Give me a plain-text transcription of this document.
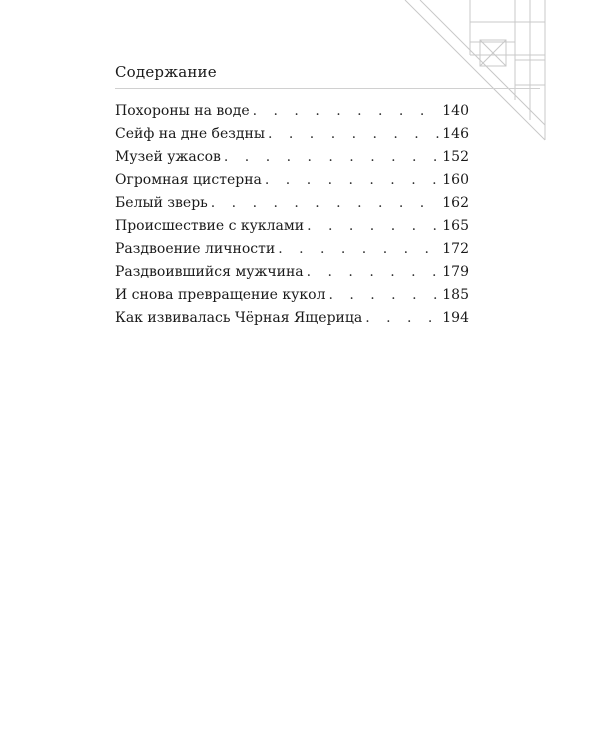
Содержание
Похороны на воде . . .	140
Сейф на дне бездны . . .	146
Музей ужасов . . .	152
Огромная цистерна . . .	160
Белый зверь . . .	162
Происшествие с куклами . . .	165
Раздвоение личности . . .	172
Раздвоившийся мужчина . . .	179
И снова превращение кукол . . .	185
Как извивалась Чёрная Ящерица . . .	194
